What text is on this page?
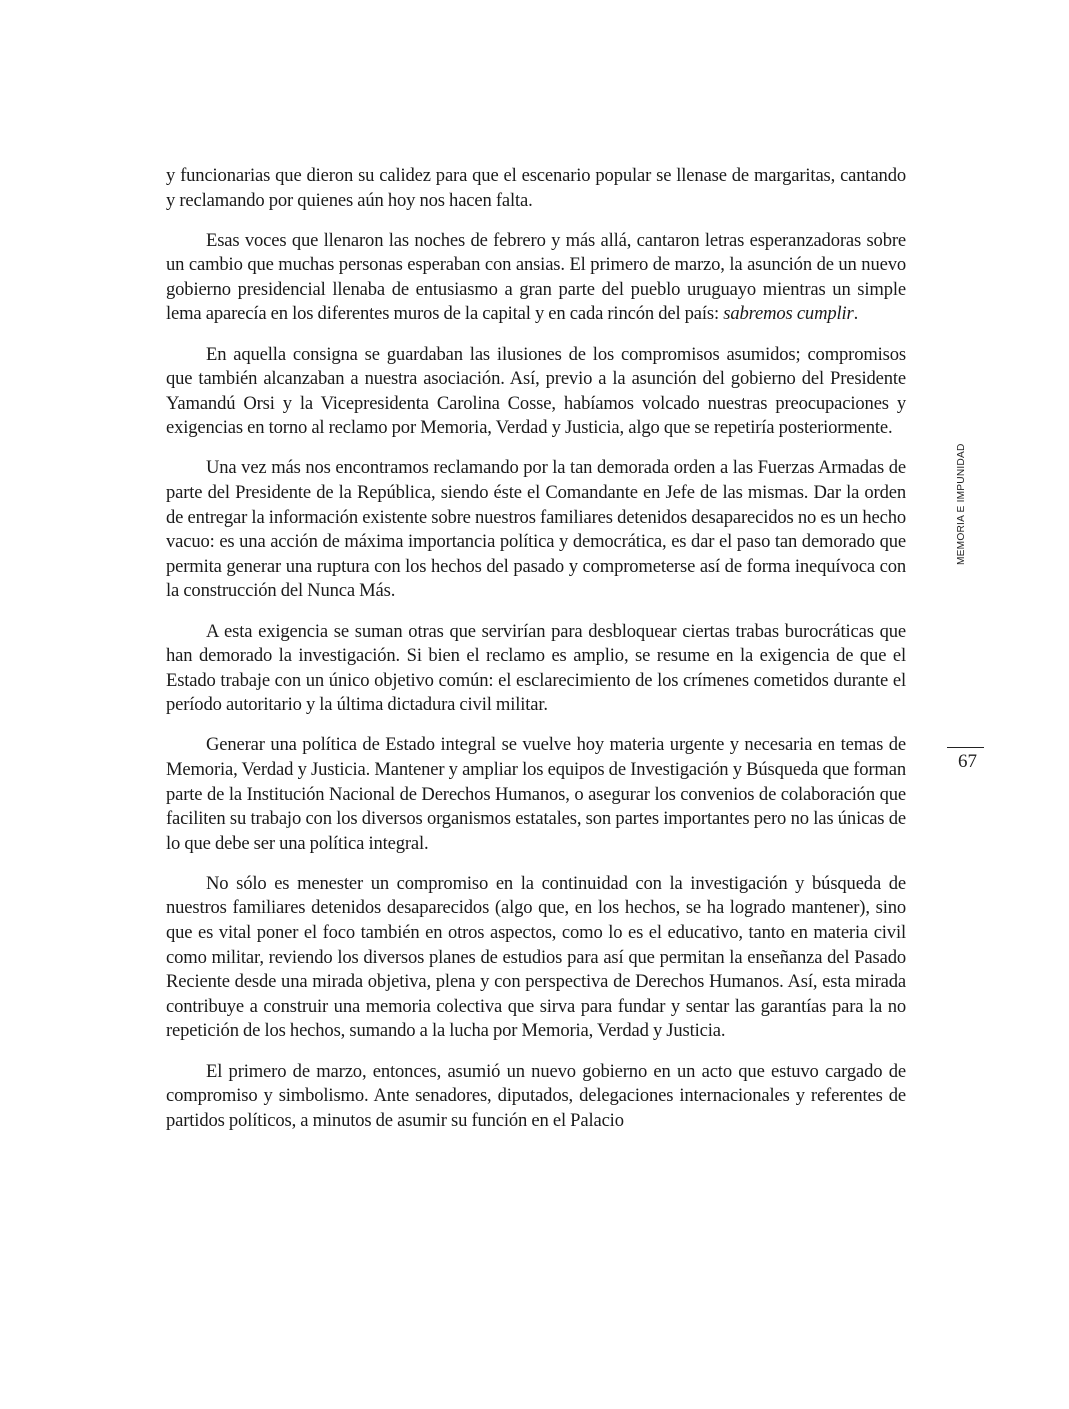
y funcionarias que dieron su calidez para que el escenario popular se llenase de margaritas, cantando y reclamando por quienes aún hoy nos hacen falta.

Esas voces que llenaron las noches de febrero y más allá, cantaron letras esperanzadoras sobre un cambio que muchas personas esperaban con ansias. El primero de marzo, la asunción de un nuevo gobierno presidencial llenaba de entusiasmo a gran parte del pueblo uruguayo mientras un simple lema aparecía en los diferentes muros de la capital y en cada rincón del país: sabremos cumplir.

En aquella consigna se guardaban las ilusiones de los compromisos asumidos; compromisos que también alcanzaban a nuestra asociación. Así, previo a la asunción del gobierno del Presidente Yamandú Orsi y la Vicepresidenta Carolina Cosse, habíamos volcado nuestras preocupaciones y exigencias en torno al reclamo por Memoria, Verdad y Justicia, algo que se repetiría posteriormente.

Una vez más nos encontramos reclamando por la tan demorada orden a las Fuerzas Armadas de parte del Presidente de la República, siendo éste el Comandante en Jefe de las mismas. Dar la orden de entregar la información existente sobre nuestros familiares detenidos desaparecidos no es un hecho vacuo: es una acción de máxima importancia política y democrática, es dar el paso tan demorado que permita generar una ruptura con los hechos del pasado y comprometerse así de forma inequívoca con la construcción del Nunca Más.

A esta exigencia se suman otras que servirían para desbloquear ciertas trabas burocráticas que han demorado la investigación. Si bien el reclamo es amplio, se resume en la exigencia de que el Estado trabaje con un único objetivo común: el esclarecimiento de los crímenes cometidos durante el período autoritario y la última dictadura civil militar.

Generar una política de Estado integral se vuelve hoy materia urgente y necesaria en temas de Memoria, Verdad y Justicia. Mantener y ampliar los equipos de Investigación y Búsqueda que forman parte de la Institución Nacional de Derechos Humanos, o asegurar los convenios de colaboración que faciliten su trabajo con los diversos organismos estatales, son partes importantes pero no las únicas de lo que debe ser una política integral.

No sólo es menester un compromiso en la continuidad con la investigación y búsqueda de nuestros familiares detenidos desaparecidos (algo que, en los hechos, se ha logrado mantener), sino que es vital poner el foco también en otros aspectos, como lo es el educativo, tanto en materia civil como militar, reviendo los diversos planes de estudios para así que permitan la enseñanza del Pasado Reciente desde una mirada objetiva, plena y con perspectiva de Derechos Humanos. Así, esta mirada contribuye a construir una memoria colectiva que sirva para fundar y sentar las garantías para la no repetición de los hechos, sumando a la lucha por Memoria, Verdad y Justicia.

El primero de marzo, entonces, asumió un nuevo gobierno en un acto que estuvo cargado de compromiso y simbolismo. Ante senadores, diputados, delegaciones internacionales y referentes de partidos políticos, a minutos de asumir su función en el Palacio

MEMORIA E IMPUNIDAD
67
